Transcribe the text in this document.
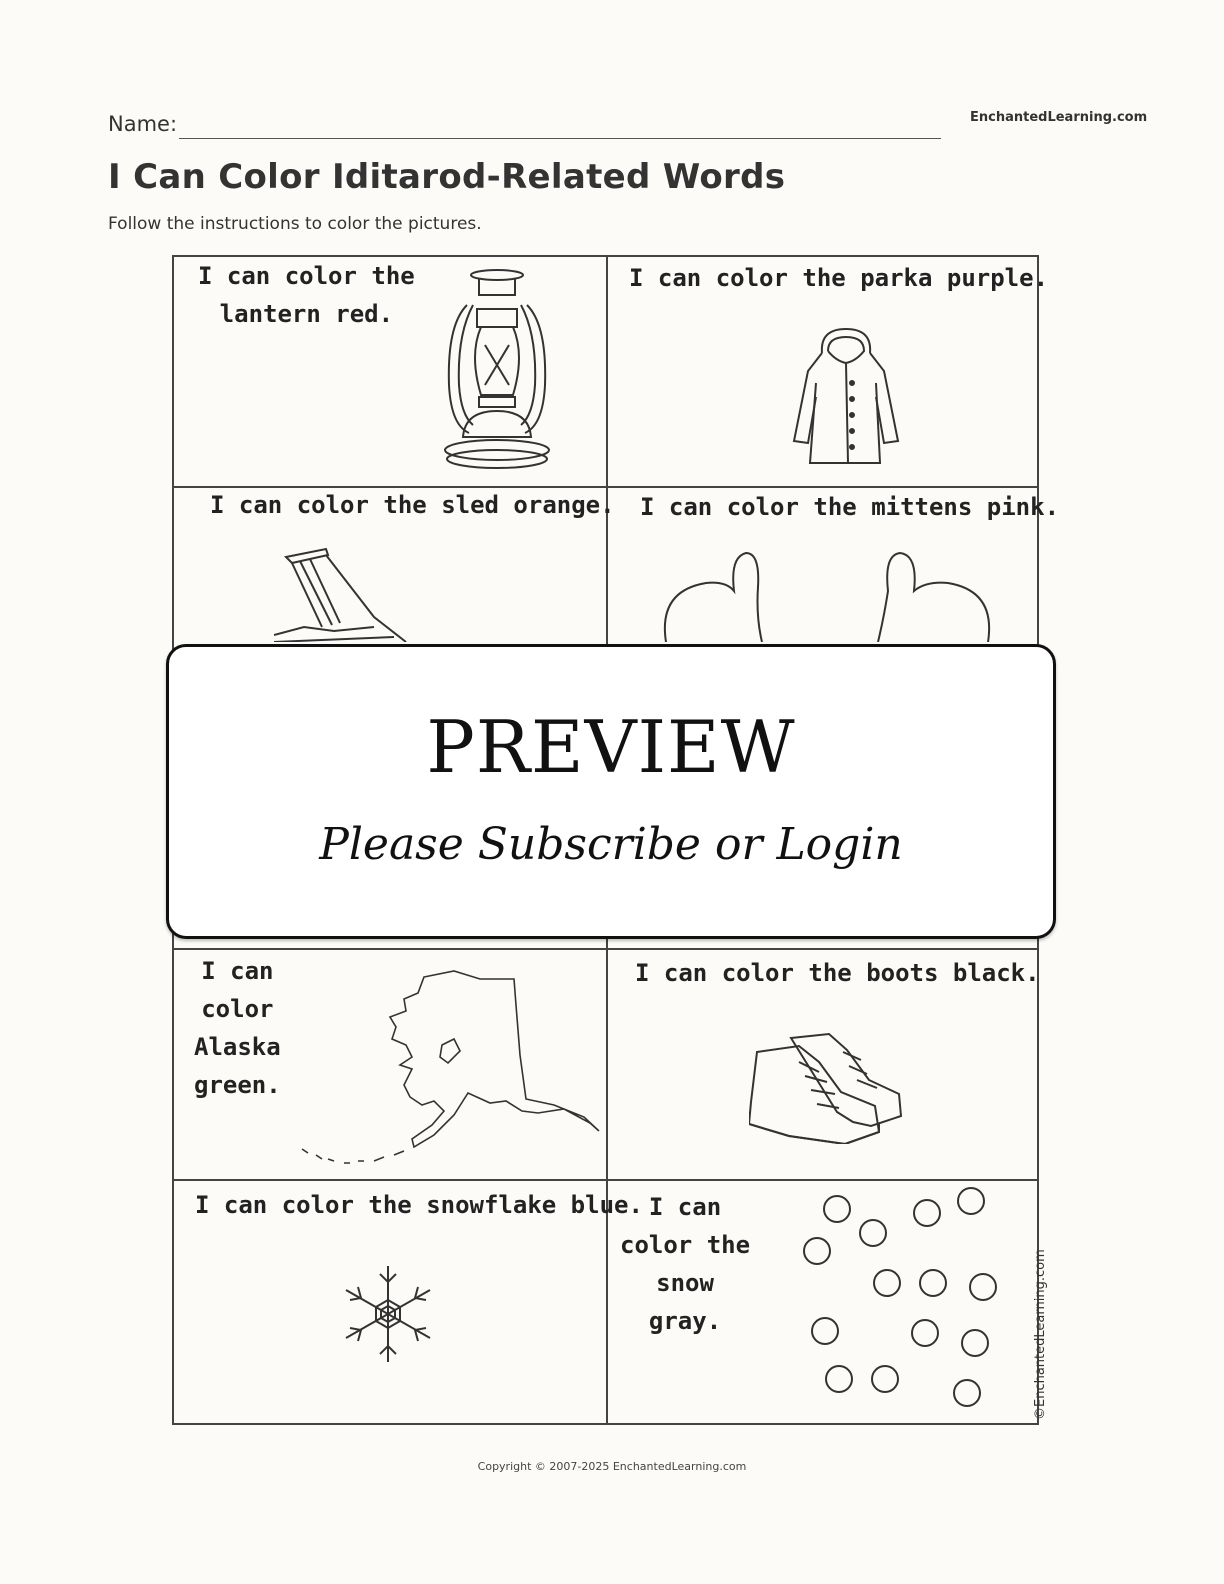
Name:	EnchantedLearning.com
I Can Color Iditarod-Related Words
Follow the instructions to color the pictures.
I can color the
lantern red.
I can color the parka purple.
I can color the sled orange. I can color the mittens pink.
I can
color
Alaska
green.
I can color the boots black.
I can color the snowflake blue. I can
color the
snow
gray.	©EnchantedLearning.com
PREVIEW
Please Subscribe or Login
Copyright © 2007-2025 EnchantedLearning.com
